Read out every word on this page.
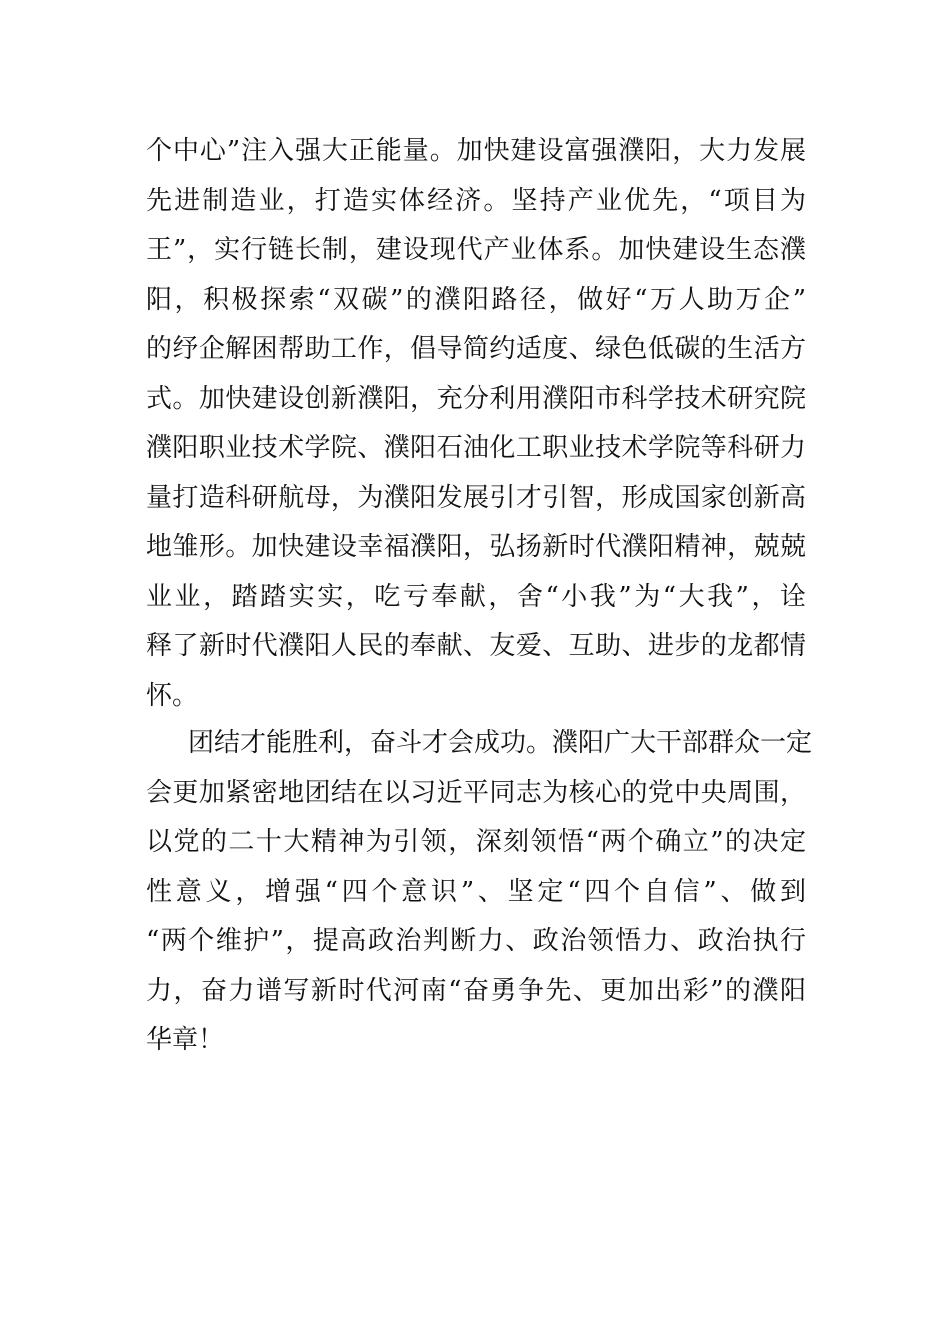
个中心”注入强大正能量。加快建设富强濮阳，大力发展
先进制造业，打造实体经济。坚持产业优先，“项目为
王”，实行链长制，建设现代产业体系。加快建设生态濮
阳，积极探索“双碳”的濮阳路径，做好“万人助万企”
的纾企解困帮助工作，倡导简约适度、绿色低碳的生活方
式。加快建设创新濮阳，充分利用濮阳市科学技术研究院
濮阳职业技术学院、濮阳石油化工职业技术学院等科研力
量打造科研航母，为濮阳发展引才引智，形成国家创新高
地雏形。加快建设幸福濮阳，弘扬新时代濮阳精神，兢兢
业业，踏踏实实，吃亏奉献，舍“小我”为“大我”，诠
释了新时代濮阳人民的奉献、友爱、互助、进步的龙都情
怀。
团结才能胜利，奋斗才会成功。濮阳广大干部群众一定
会更加紧密地团结在以习近平同志为核心的党中央周围，
以党的二十大精神为引领，深刻领悟“两个确立”的决定
性意义，增强“四个意识”、坚定“四个自信”、做到
“两个维护”，提高政治判断力、政治领悟力、政治执行
力，奋力谱写新时代河南“奋勇争先、更加出彩”的濮阳
华章！
